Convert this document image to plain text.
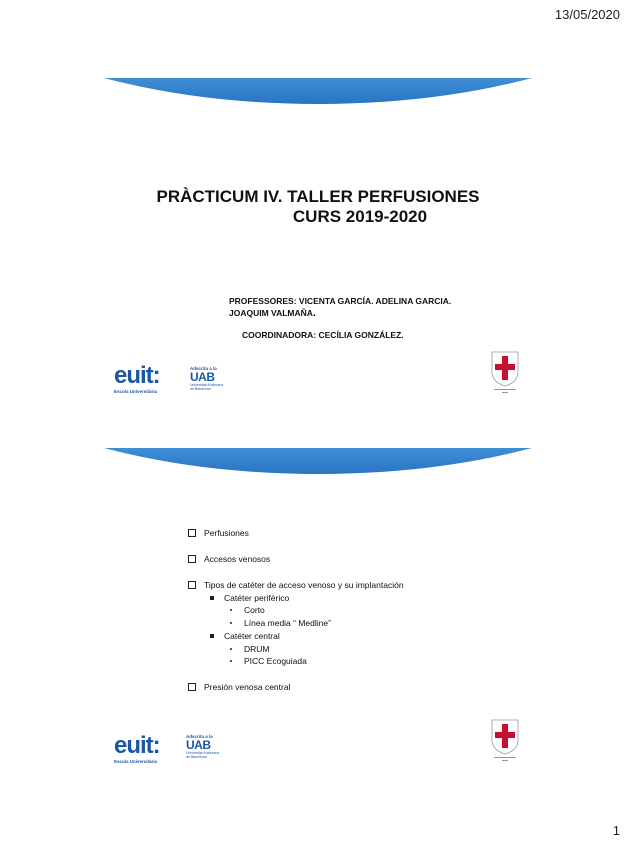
13/05/2020
PRÀCTICUM IV. TALLER PERFUSIONES
CURS 2019-2020
PROFESSORES: VICENTA GARCÍA. ADELINA GARCIA.
JOAQUIM VALMAÑA.
COORDINADORA: CECÍLIA GONZÁLEZ.
euit:
Escola Universitària
Adscrita a la
UAB
Universitat Autònoma
de Barcelona
Perfusiones
Accesos venosos
Tipos de catéter de acceso venoso y su implantación
Catéter periférico
Corto
Línea media “ Medline”
Catéter central
DRUM
PICC Ecoguiada
Presión venosa central
euit:
Escola Universitària
Adscrita a la
UAB
Universitat Autònoma
de Barcelona
1
